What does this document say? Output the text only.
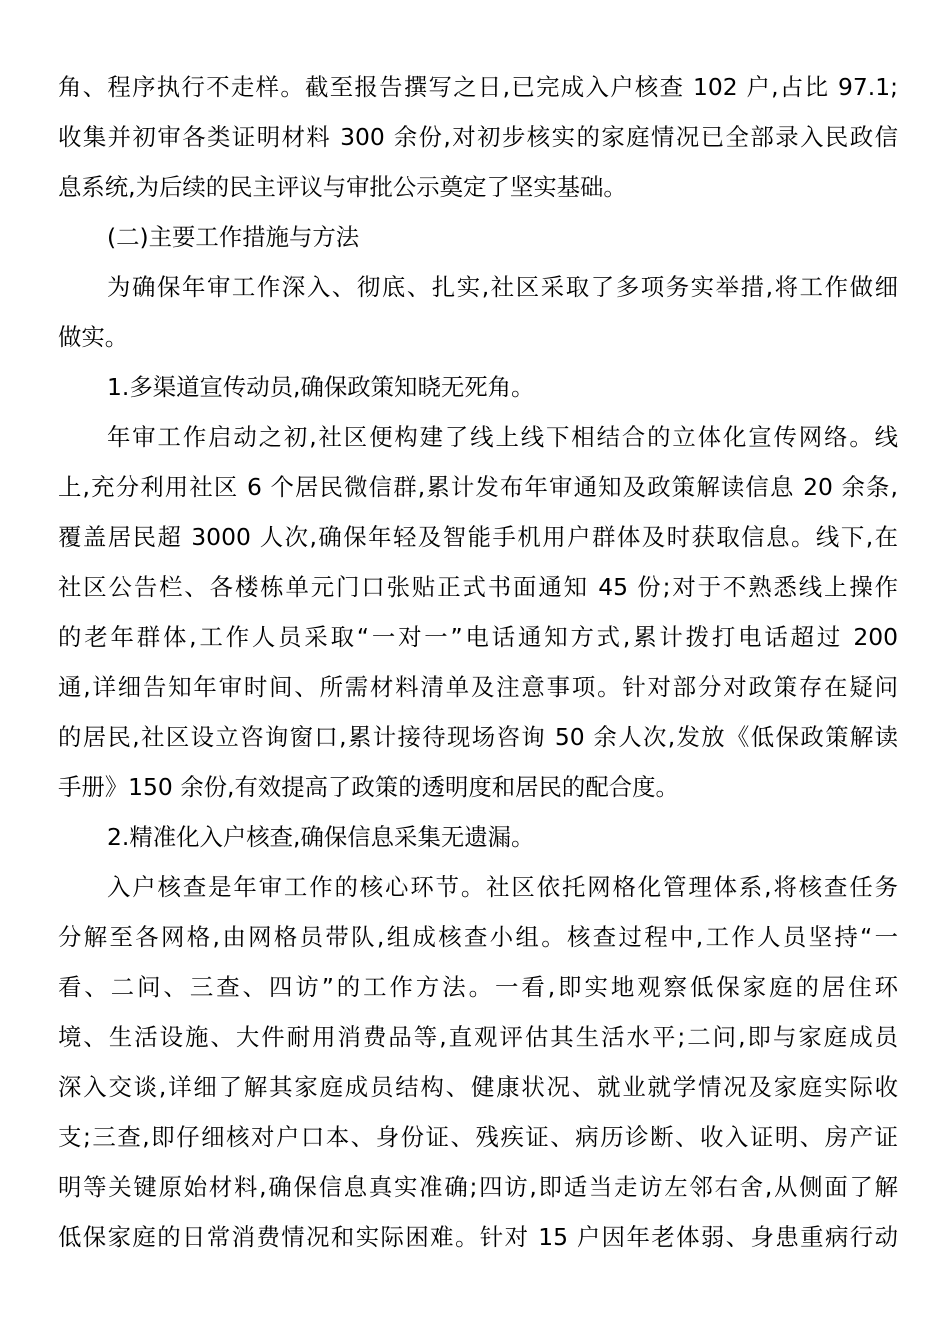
角、程序执行不走样。截至报告撰写之日,已完成入户核查 102 户,占比 97.1;
收集并初审各类证明材料 300 余份,对初步核实的家庭情况已全部录入民政信
息系统,为后续的民主评议与审批公示奠定了坚实基础。
(二)主要工作措施与方法
为确保年审工作深入、彻底、扎实,社区采取了多项务实举措,将工作做细
做实。
1.多渠道宣传动员,确保政策知晓无死角。
年审工作启动之初,社区便构建了线上线下相结合的立体化宣传网络。线
上,充分利用社区 6 个居民微信群,累计发布年审通知及政策解读信息 20 余条,
覆盖居民超 3000 人次,确保年轻及智能手机用户群体及时获取信息。线下,在
社区公告栏、各楼栋单元门口张贴正式书面通知 45 份;对于不熟悉线上操作
的老年群体,工作人员采取“一对一”电话通知方式,累计拨打电话超过 200
通,详细告知年审时间、所需材料清单及注意事项。针对部分对政策存在疑问
的居民,社区设立咨询窗口,累计接待现场咨询 50 余人次,发放《低保政策解读
手册》150 余份,有效提高了政策的透明度和居民的配合度。
2.精准化入户核查,确保信息采集无遗漏。
入户核查是年审工作的核心环节。社区依托网格化管理体系,将核查任务
分解至各网格,由网格员带队,组成核查小组。核查过程中,工作人员坚持“一
看、二问、三查、四访”的工作方法。一看,即实地观察低保家庭的居住环
境、生活设施、大件耐用消费品等,直观评估其生活水平;二问,即与家庭成员
深入交谈,详细了解其家庭成员结构、健康状况、就业就学情况及家庭实际收
支;三查,即仔细核对户口本、身份证、残疾证、病历诊断、收入证明、房产证
明等关键原始材料,确保信息真实准确;四访,即适当走访左邻右舍,从侧面了解
低保家庭的日常消费情况和实际困难。针对 15 户因年老体弱、身患重病行动
